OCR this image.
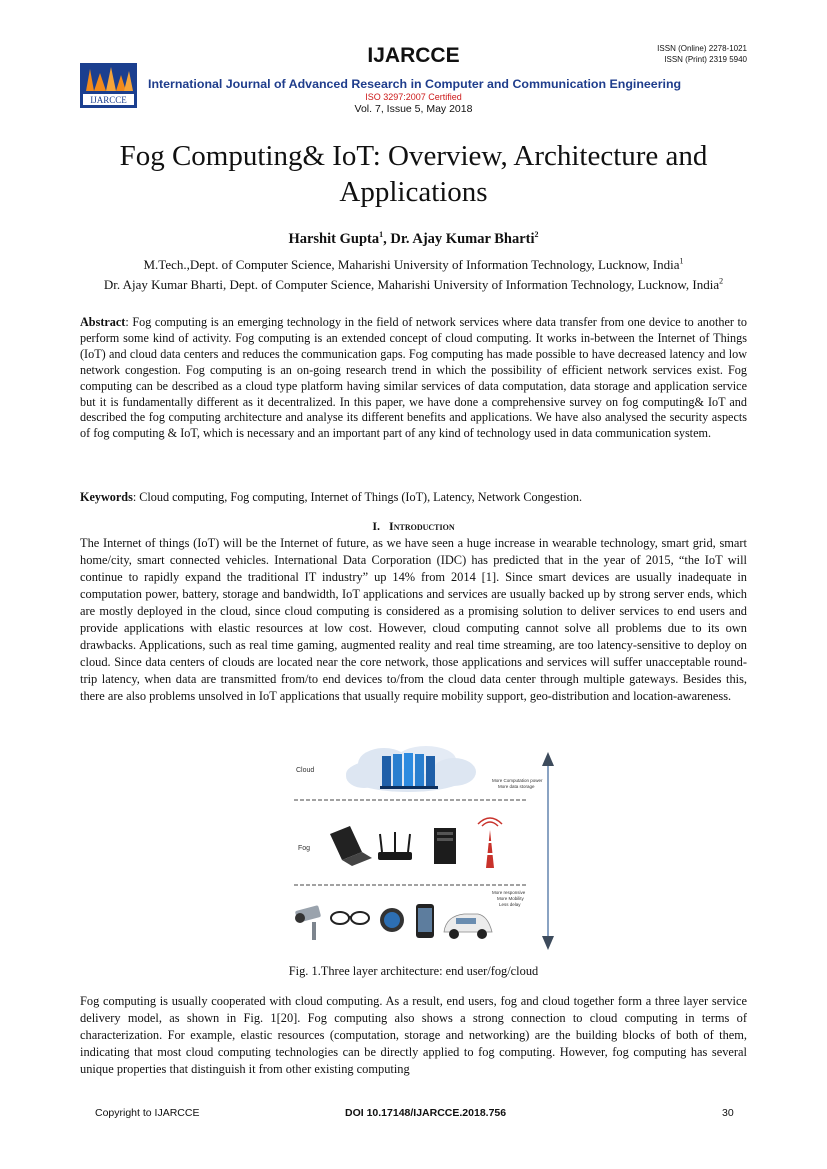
IJARCCE	ISSN (Online) 2278-1021
ISSN (Print) 2319 5940
IJARCCE
International Journal of Advanced Research in Computer and Communication Engineering
ISO 3297:2007 Certified
Vol. 7, Issue 5, May 2018
Fog Computing& IoT: Overview, Architecture and Applications
Harshit Gupta$^1$, Dr. Ajay Kumar Bharti$^2$
M.Tech.,Dept. of Computer Science, Maharishi University of Information Technology, Lucknow, India$^1$
Dr. Ajay Kumar Bharti, Dept. of Computer Science, Maharishi University of Information Technology, Lucknow, India$^2$

Abstract: Fog computing is an emerging technology in the field of network services where data transfer from one device to another to perform some kind of activity. Fog computing is an extended concept of cloud computing. It works in-between the Internet of Things (IoT) and cloud data centers and reduces the communication gaps. Fog computing has made possible to have decreased latency and low network congestion. Fog computing is an on-going research trend in which the possibility of efficient network services exist. Fog computing can be described as a cloud type platform having similar services of data computation, data storage and application service but it is fundamentally different as it decentralized. In this paper, we have done a comprehensive survey on fog computing& IoT and described the fog computing architecture and analyse its different benefits and applications. We have also analysed the security aspects of fog computing & IoT, which is necessary and an important part of any kind of technology used in data communication system.

Keywords: Cloud computing, Fog computing, Internet of Things (IoT), Latency, Network Congestion.

I. Introduction

The Internet of things (IoT) will be the Internet of future, as we have seen a huge increase in wearable technology, smart grid, smart home/city, smart connected vehicles. International Data Corporation (IDC) has predicted that in the year of 2015, “the IoT will continue to rapidly expand the traditional IT industry” up 14% from 2014 [1]. Since smart devices are usually inadequate in computation power, battery, storage and bandwidth, IoT applications and services are usually backed up by strong server ends, which are mostly deployed in the cloud, since cloud computing is considered as a promising solution to deliver services to end users and provide applications with elastic resources at low cost. However, cloud computing cannot solve all problems due to its own drawbacks. Applications, such as real time gaming, augmented reality and real time streaming, are too latency-sensitive to deploy on cloud. Since data centers of clouds are located near the core network, those applications and services will suffer unacceptable round-trip latency, when data are transmitted from/to end devices to/from the cloud data center through multiple gateways. Besides this, there are also problems unsolved in IoT applications that usually require mobility support, geo-distribution and location-awareness.

Cloud
More Computation power
More data storage
Fog
More responsive
More Mobility
Less delay
Fig. 1.Three layer architecture: end user/fog/cloud

Fog computing is usually cooperated with cloud computing. As a result, end users, fog and cloud together form a three layer service delivery model, as shown in Fig. 1[20]. Fog computing also shows a strong connection to cloud computing in terms of characterization. For example, elastic resources (computation, storage and networking) are the building blocks of both of them, indicating that most cloud computing technologies can be directly applied to fog computing. However, fog computing has several unique properties that distinguish it from other existing computing

Copyright to IJARCCE	DOI 10.17148/IJARCCE.2018.756	30
